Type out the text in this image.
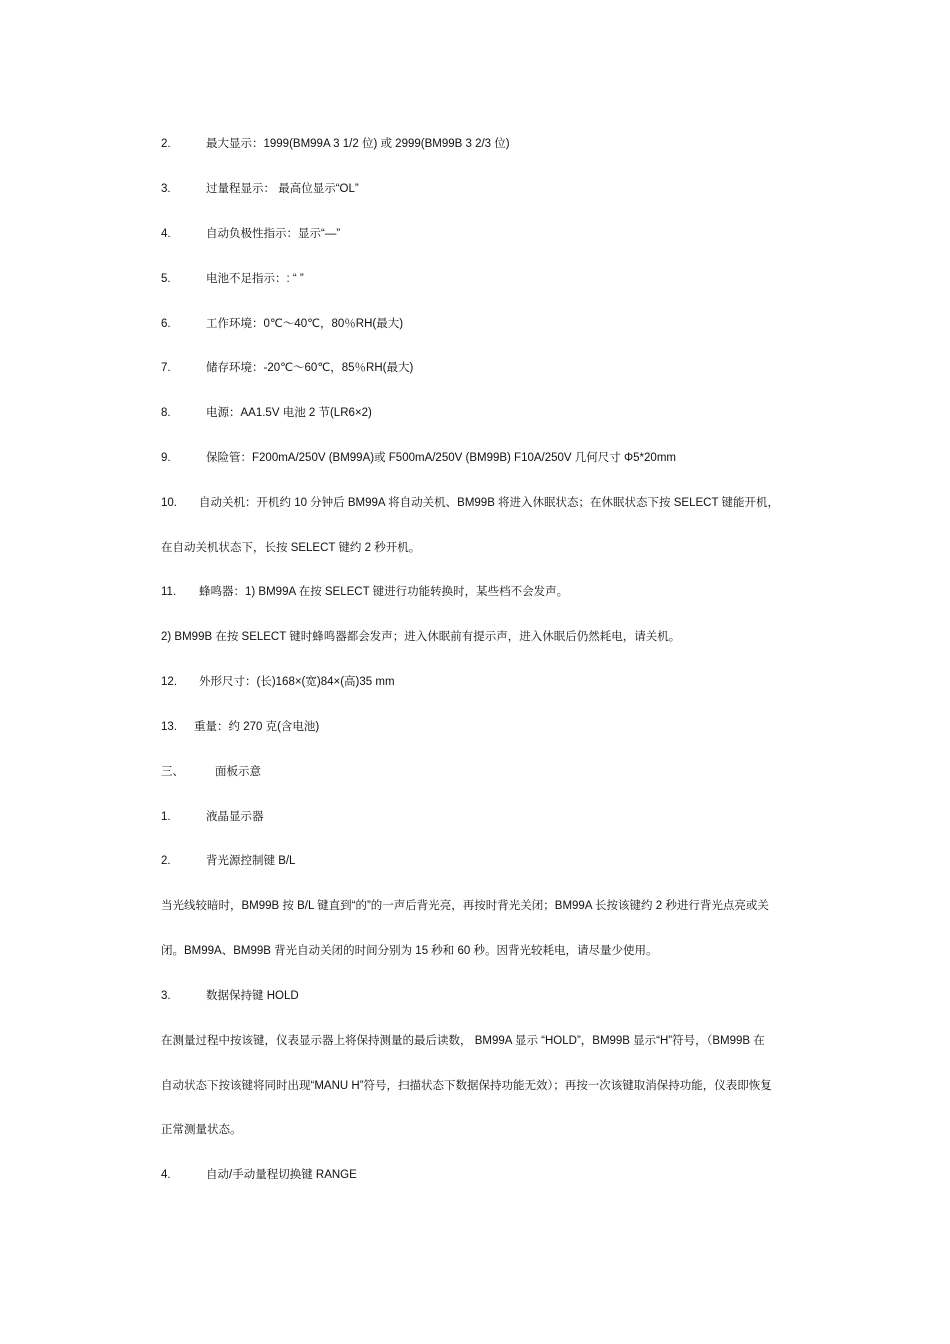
2.	最大显示：1999(BM99A 3 1/2 位) 或 2999(BM99B 3 2/3 位)
3.	过量程显示： 最高位显示“OL”
4.	自动负极性指示：显示“—”
5.	电池不足指示：: “ ”
6.	工作环境：0℃～40℃，80％RH(最大)
7.	储存环境：-20℃～60℃，85％RH(最大)
8.	电源：AA1.5V 电池 2 节(LR6×2)
9.	保险管：F200mA/250V (BM99A)或 F500mA/250V (BM99B) F10A/250V 几何尺寸 Φ5*20mm
10. 自动关机：开机约 10 分钟后 BM99A 将自动关机、BM99B 将进入休眠状态；在休眠状态下按 SELECT 键能开机，
在自动关机状态下，长按 SELECT 键约 2 秒开机。
11. 蜂鸣器：1) BM99A 在按 SELECT 键进行功能转换时，某些档不会发声。
2) BM99B 在按 SELECT 键时蜂鸣器都会发声；进入休眠前有提示声，进入休眠后仍然耗电，请关机。
12. 外形尺寸：(长)168×(宽)84×(高)35 mm
13. 重量：约 270 克(含电池)
三、	面板示意
1.	液晶显示器
2.	背光源控制键 B/L
当光线较暗时，BM99B 按 B/L 键直到“的”的一声后背光亮，再按时背光关闭；BM99A 长按该键约 2 秒进行背光点亮或关
闭。BM99A、BM99B 背光自动关闭的时间分别为 15 秒和 60 秒。因背光较耗电，请尽量少使用。
3.	数据保持键 HOLD
在测量过程中按该键，仪表显示器上将保持测量的最后读数， BM99A 显示 “HOLD”，BM99B 显示“H”符号，（BM99B 在
自动状态下按该键将同时出现“MANU H”符号，扫描状态下数据保持功能无效）；再按一次该键取消保持功能，仪表即恢复
正常测量状态。
4.	自动/手动量程切换键 RANGE
